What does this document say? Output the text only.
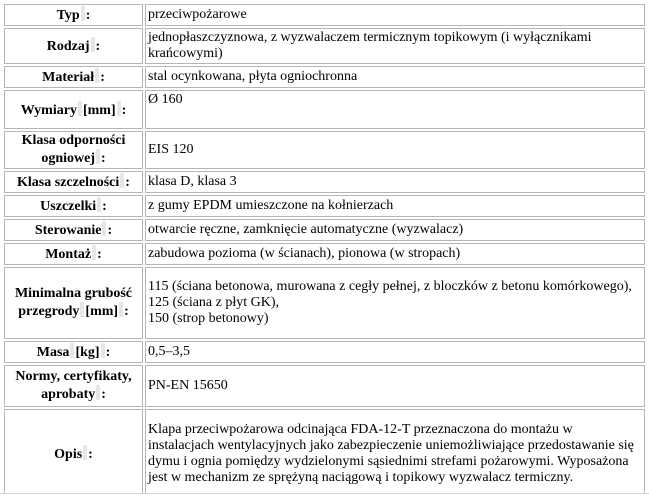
Typ :	przeciwpożarowe
Rodzaj :	jednopłaszczyznowa, z wyzwalaczem termicznym topikowym (i wyłącznikami krańcowymi)
Materiał :	stal ocynkowana, płyta ogniochronna
Wymiary [mm] :	Ø 160
Klasa odporności ogniowej :	EIS 120
Klasa szczelności :	klasa D, klasa 3
Uszczelki :	z gumy EPDM umieszczone na kołnierzach
Sterowanie :	otwarcie ręczne, zamknięcie automatyczne (wyzwalacz)
Montaż :	zabudowa pozioma (w ścianach), pionowa (w stropach)
Minimalna grubość przegrody [mm] :	115 (ściana betonowa, murowana z cegły pełnej, z bloczków z betonu komórkowego),
125 (ściana z płyt GK),
150 (strop betonowy)

Masa [kg] :	0,5–3,5
Normy, certyfikaty, aprobaty :	PN-EN 15650
Opis :	Klapa przeciwpożarowa odcinająca FDA-12-T przeznaczona do montażu w instalacjach wentylacyjnych jako zabezpieczenie uniemożliwiające przedostawanie się dymu i ognia pomiędzy wydzielonymi sąsiednimi strefami pożarowymi. Wyposażona jest w mechanizm ze sprężyną naciągową i topikowy wyzwalacz termiczny.
